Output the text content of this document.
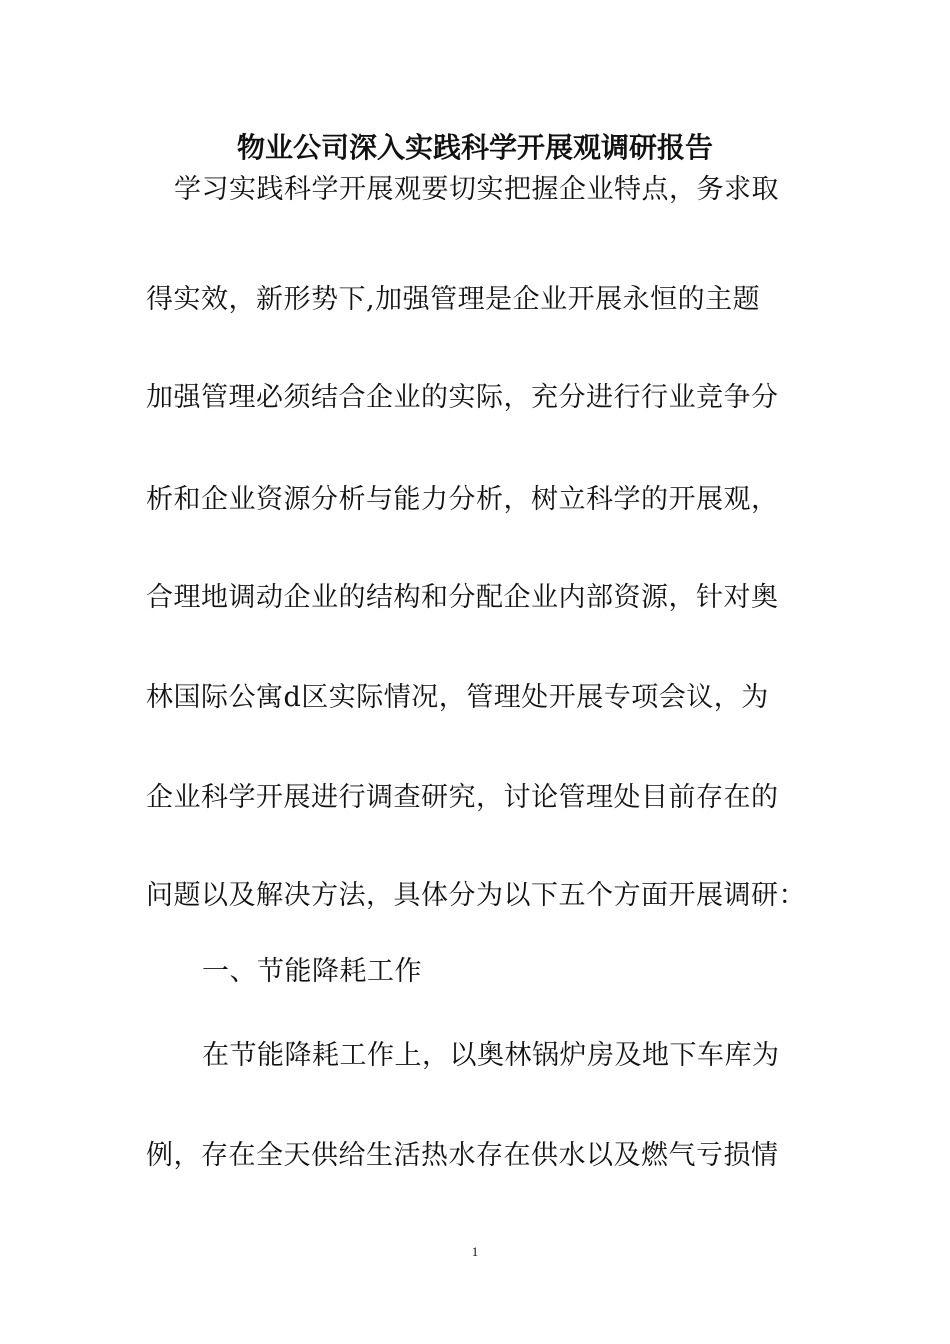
物业公司深入实践科学开展观调研报告
学习实践科学开展观要切实把握企业特点，务求取
得实效，新形势下,加强管理是企业开展永恒的主题
加强管理必须结合企业的实际，充分进行行业竞争分
析和企业资源分析与能力分析，树立科学的开展观，
合理地调动企业的结构和分配企业内部资源，针对奥
林国际公寓d区实际情况，管理处开展专项会议，为
企业科学开展进行调查研究，讨论管理处目前存在的
问题以及解决方法，具体分为以下五个方面开展调研：
一、节能降耗工作
在节能降耗工作上，以奥林锅炉房及地下车库为
例，存在全天供给生活热水存在供水以及燃气亏损情
1
